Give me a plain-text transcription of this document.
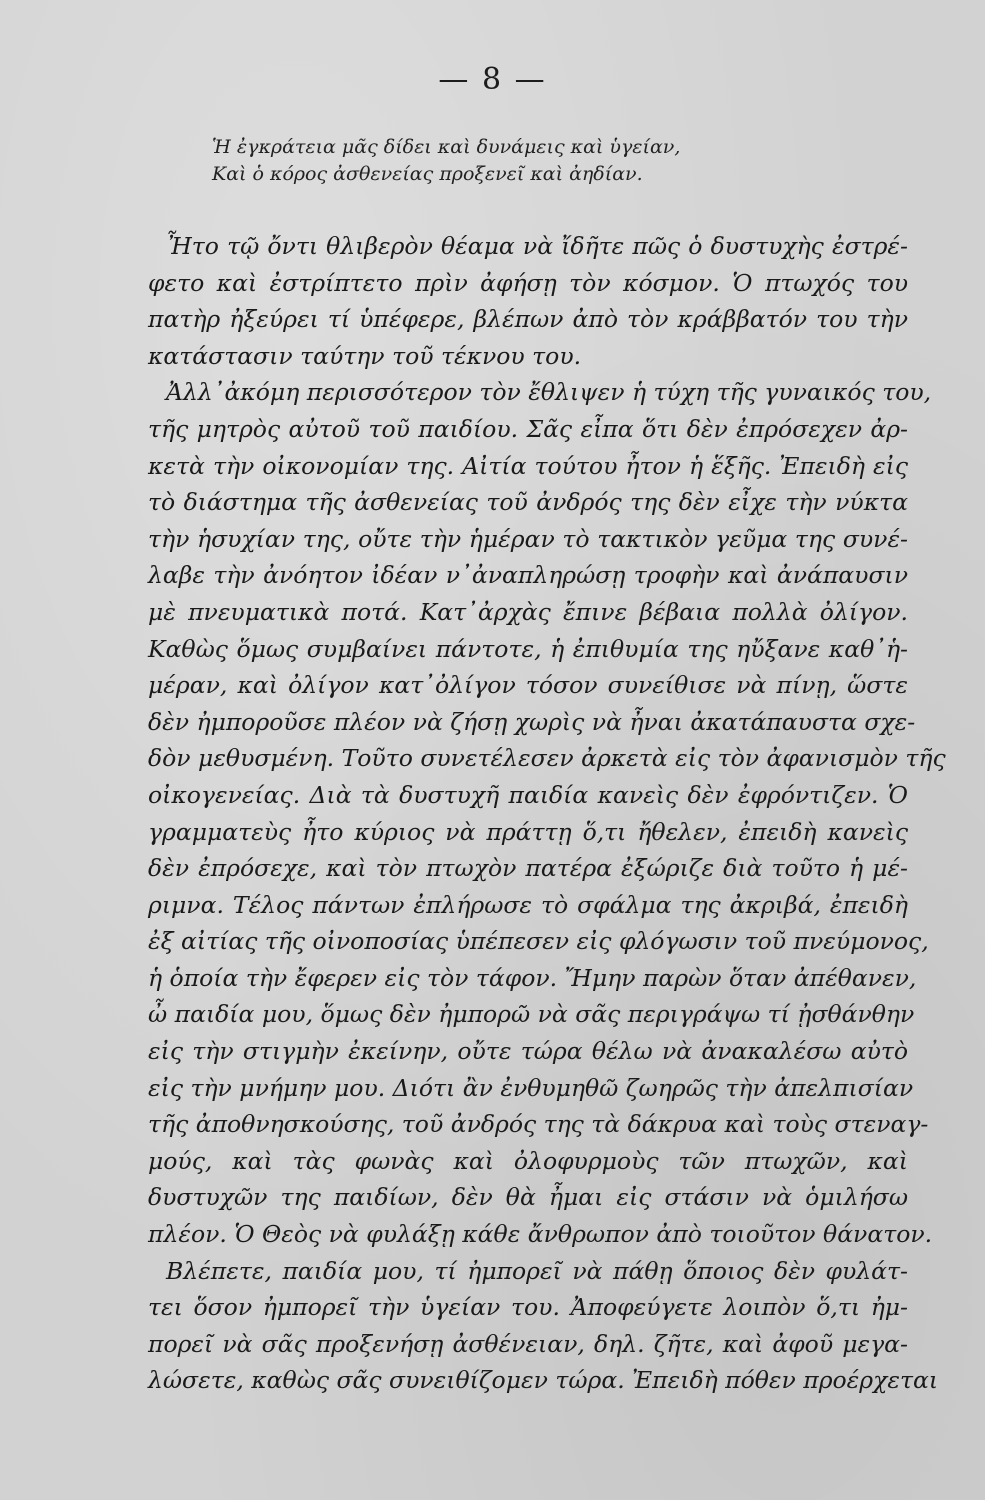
— 8 —
Ἡ ἐγκράτεια μᾶς δίδει καὶ δυνάμεις καὶ ὑγείαν,
Καὶ ὁ κόρος ἀσθενείας προξενεῖ καὶ ἀηδίαν.
Ἦτο τῷ ὄντι θλιβερὸν θέαμα νὰ ἴδῆτε πῶς ὁ δυστυχὴς ἐστρέ-
φετο καὶ ἐστρίπτετο πρὶν ἀφήσῃ τὸν κόσμον. Ὁ πτωχός του
πατὴρ ἠξεύρει τί ὑπέφερε, βλέπων ἀπὸ τὸν κράββατόν του τὴν
κατάστασιν ταύτην τοῦ τέκνου του.
Ἀλλ᾽ἀκόμη περισσότερον τὸν ἔθλιψεν ἡ τύχη τῆς γυναικός του,
τῆς μητρὸς αὐτοῦ τοῦ παιδίου. Σᾶς εἶπα ὅτι δὲν ἐπρόσεχεν ἀρ-
κετὰ τὴν οἰκονομίαν της. Αἰτία τούτου ἦτον ἡ ἕξῆς. Ἐπειδὴ εἰς
τὸ διάστημα τῆς ἀσθενείας τοῦ ἀνδρός της δὲν εἶχε τὴν νύκτα
τὴν ἡσυχίαν της, οὔτε τὴν ἡμέραν τὸ τακτικὸν γεῦμα της συνέ-
λαβε τὴν ἀνόητον ἰδέαν ν᾽ἀναπληρώσῃ τροφὴν καὶ ἀνάπαυσιν
μὲ πνευματικὰ ποτά. Κατ᾽ἀρχὰς ἔπινε βέβαια πολλὰ ὀλίγον.
Καθὼς ὅμως συμβαίνει πάντοτε, ἡ ἐπιθυμία της ηὔξανε καθ᾽ἡ-
μέραν, καὶ ὀλίγον κατ᾽ὀλίγον τόσον συνείθισε νὰ πίνῃ, ὥστε
δὲν ἠμποροῦσε πλέον νὰ ζήσῃ χωρὶς νὰ ἦναι ἀκατάπαυστα σχε-
δὸν μεθυσμένη. Τοῦτο συνετέλεσεν ἀρκετὰ εἰς τὸν ἀφανισμὸν τῆς
οἰκογενείας. Διὰ τὰ δυστυχῆ παιδία κανεὶς δὲν ἐφρόντιζεν. Ὁ
γραμματεὺς ἦτο κύριος νὰ πράττῃ ὅ,τι ἤθελεν, ἐπειδὴ κανεὶς
δὲν ἐπρόσεχε, καὶ τὸν πτωχὸν πατέρα ἐξώριζε διὰ τοῦτο ἡ μέ-
ριμνα. Τέλος πάντων ἐπλήρωσε τὸ σφάλμα της ἀκριβά, ἐπειδὴ
ἐξ αἰτίας τῆς οἰνοποσίας ὑπέπεσεν εἰς φλόγωσιν τοῦ πνεύμονος,
ἡ ὁποία τὴν ἔφερεν εἰς τὸν τάφον. Ἤμην παρὼν ὅταν ἀπέθανεν,
ὦ παιδία μου, ὅμως δὲν ἠμπορῶ νὰ σᾶς περιγράψω τί ᾐσθάνθην
εἰς τὴν στιγμὴν ἐκείνην, οὔτε τώρα θέλω νὰ ἀνακαλέσω αὐτὸ
εἰς τὴν μνήμην μου. Διότι ἂν ἐνθυμηθῶ ζωηρῶς τὴν ἀπελπισίαν
τῆς ἀποθνησκούσης, τοῦ ἀνδρός της τὰ δάκρυα καὶ τοὺς στεναγ-
μούς, καὶ τὰς φωνὰς καὶ ὀλοφυρμοὺς τῶν πτωχῶν, καὶ
δυστυχῶν της παιδίων, δὲν θὰ ἦμαι εἰς στάσιν νὰ ὁμιλήσω
πλέον. Ὁ Θεὸς νὰ φυλάξῃ κάθε ἄνθρωπον ἀπὸ τοιοῦτον θάνατον.
Βλέπετε, παιδία μου, τί ἠμπορεῖ νὰ πάθῃ ὅποιος δὲν φυλάτ-
τει ὅσον ἠμπορεῖ τὴν ὑγείαν του. Ἀποφεύγετε λοιπὸν ὅ,τι ἠμ-
πορεῖ νὰ σᾶς προξενήσῃ ἀσθένειαν, δηλ. ζῆτε, καὶ ἀφοῦ μεγα-
λώσετε, καθὼς σᾶς συνειθίζομεν τώρα. Ἐπειδὴ πόθεν προέρχεται
